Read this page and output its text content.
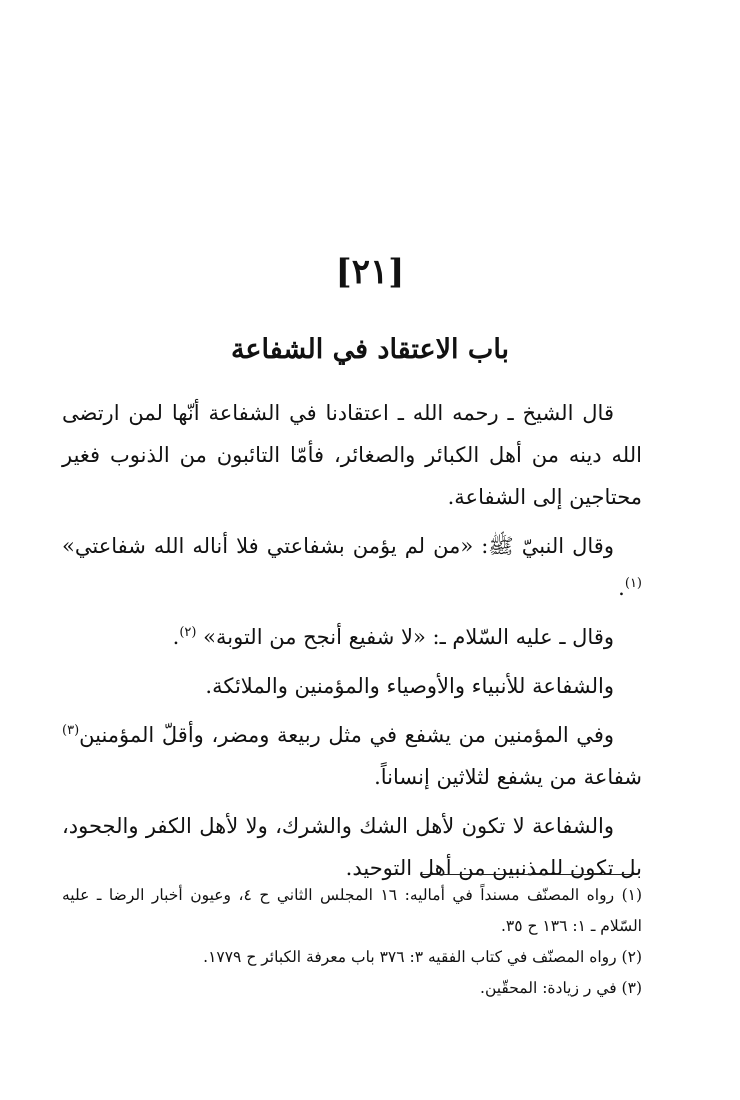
[٢١]
باب الاعتقاد في الشفاعة

قال الشيخ ـ رحمه الله ـ اعتقادنا في الشفاعة أنّها لمن ارتضى الله دينه من أهل الكبائر والصغائر، فأمّا التائبون من الذنوب فغير محتاجين إلى الشفاعة.

وقال النبيّ ﷺ: «من لم يؤمن بشفاعتي فلا أناله الله شفاعتي» $^{(١)}$.

وقال ـ عليه السّلام ـ: «لا شفيع أنجح من التوبة» $^{(٢)}$.

والشفاعة للأنبياء والأوصياء والمؤمنين والملائكة.

وفي المؤمنين من يشفع في مثل ربيعة ومضر، وأقلّ المؤمنين$^{(٣)}$ شفاعة من يشفع لثلاثين إنساناً.

والشفاعة لا تكون لأهل الشك والشرك، ولا لأهل الكفر والجحود، بل تكون للمذنبين من أهل التوحيد.

(١) رواه المصنّف مسنداً في أماليه: ١٦ المجلس الثاني ح ٤، وعيون أخبار الرضا ـ عليه السّلام ـ ١: ١٣٦ ح ٣٥.

(٢) رواه المصنّف في كتاب الفقيه ٣: ٣٧٦ باب معرفة الكبائر ح ١٧٧٩.

(٣) في ر زيادة: المحقّين.
